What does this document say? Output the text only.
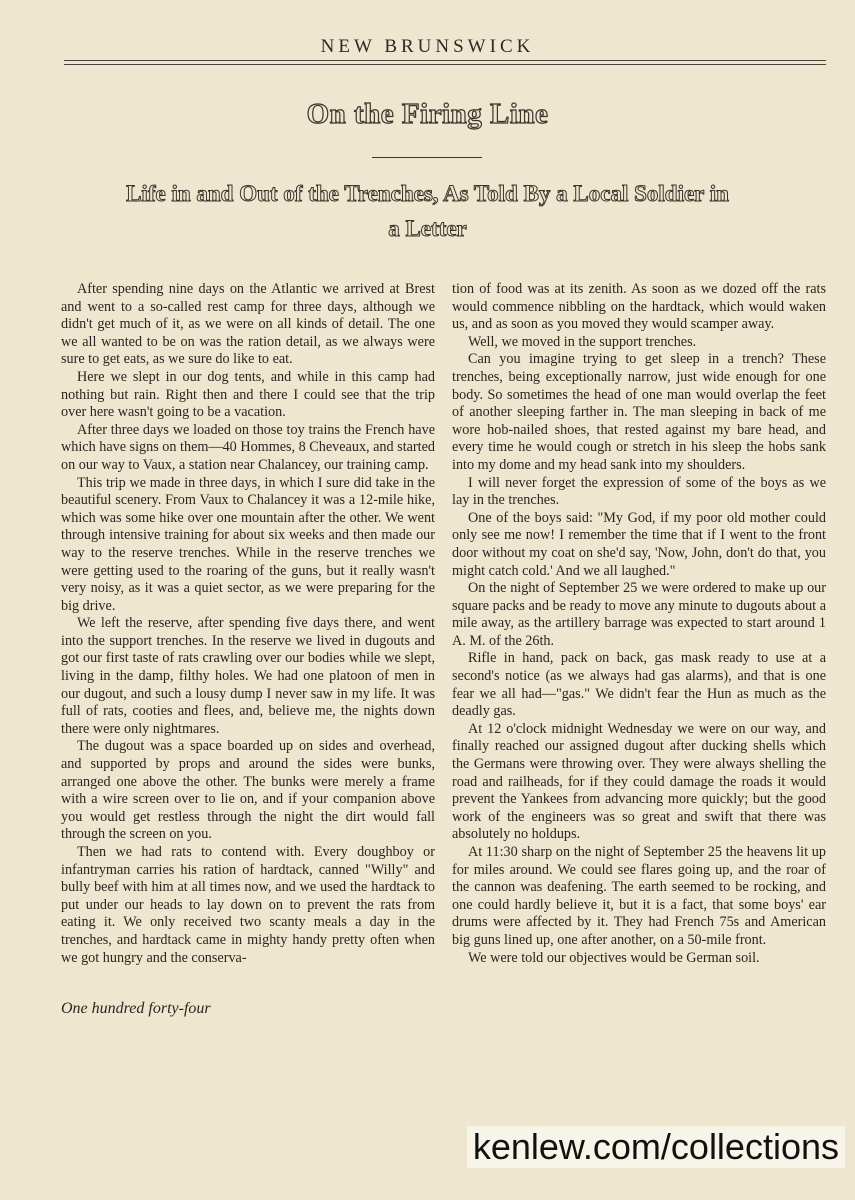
NEW BRUNSWICK
On the Firing Line
Life in and Out of the Trenches, As Told By a Local Soldier in a Letter

After spending nine days on the Atlantic we arrived at Brest and went to a so-called rest camp for three days, although we didn't get much of it, as we were on all kinds of detail. The one we all wanted to be on was the ration detail, as we always were sure to get eats, as we sure do like to eat.

Here we slept in our dog tents, and while in this camp had nothing but rain. Right then and there I could see that the trip over here wasn't going to be a vacation.

After three days we loaded on those toy trains the French have which have signs on them—40 Hommes, 8 Cheveaux, and started on our way to Vaux, a station near Chalancey, our training camp.

This trip we made in three days, in which I sure did take in the beautiful scenery. From Vaux to Chalancey it was a 12-mile hike, which was some hike over one mountain after the other. We went through intensive training for about six weeks and then made our way to the reserve trenches. While in the reserve trenches we were getting used to the roaring of the guns, but it really wasn't very noisy, as it was a quiet sector, as we were preparing for the big drive.

We left the reserve, after spending five days there, and went into the support trenches. In the reserve we lived in dugouts and got our first taste of rats crawling over our bodies while we slept, living in the damp, filthy holes. We had one platoon of men in our dugout, and such a lousy dump I never saw in my life. It was full of rats, cooties and flees, and, believe me, the nights down there were only nightmares.

The dugout was a space boarded up on sides and overhead, and supported by props and around the sides were bunks, arranged one above the other. The bunks were merely a frame with a wire screen over to lie on, and if your companion above you would get restless through the night the dirt would fall through the screen on you.

Then we had rats to contend with. Every doughboy or infantryman carries his ration of hardtack, canned "Willy" and bully beef with him at all times now, and we used the hardtack to put under our heads to lay down on to prevent the rats from eating it. We only received two scanty meals a day in the trenches, and hardtack came in mighty handy pretty often when we got hungry and the conserva-

tion of food was at its zenith. As soon as we dozed off the rats would commence nibbling on the hardtack, which would waken us, and as soon as you moved they would scamper away.

Well, we moved in the support trenches.

Can you imagine trying to get sleep in a trench? These trenches, being exceptionally narrow, just wide enough for one body. So sometimes the head of one man would overlap the feet of another sleeping farther in. The man sleeping in back of me wore hob-nailed shoes, that rested against my bare head, and every time he would cough or stretch in his sleep the hobs sank into my dome and my head sank into my shoulders.

I will never forget the expression of some of the boys as we lay in the trenches.

One of the boys said: "My God, if my poor old mother could only see me now! I remember the time that if I went to the front door without my coat on she'd say, 'Now, John, don't do that, you might catch cold.' And we all laughed."

On the night of September 25 we were ordered to make up our square packs and be ready to move any minute to dugouts about a mile away, as the artillery barrage was expected to start around 1 A. M. of the 26th.

Rifle in hand, pack on back, gas mask ready to use at a second's notice (as we always had gas alarms), and that is one fear we all had—"gas." We didn't fear the Hun as much as the deadly gas.

At 12 o'clock midnight Wednesday we were on our way, and finally reached our assigned dugout after ducking shells which the Germans were throwing over. They were always shelling the road and railheads, for if they could damage the roads it would prevent the Yankees from advancing more quickly; but the good work of the engineers was so great and swift that there was absolutely no holdups.

At 11:30 sharp on the night of September 25 the heavens lit up for miles around. We could see flares going up, and the roar of the cannon was deafening. The earth seemed to be rocking, and one could hardly believe it, but it is a fact, that some boys' ear drums were affected by it. They had French 75s and American big guns lined up, one after another, on a 50-mile front.

We were told our objectives would be German soil.

One hundred forty-four
kenlew.com/collections
